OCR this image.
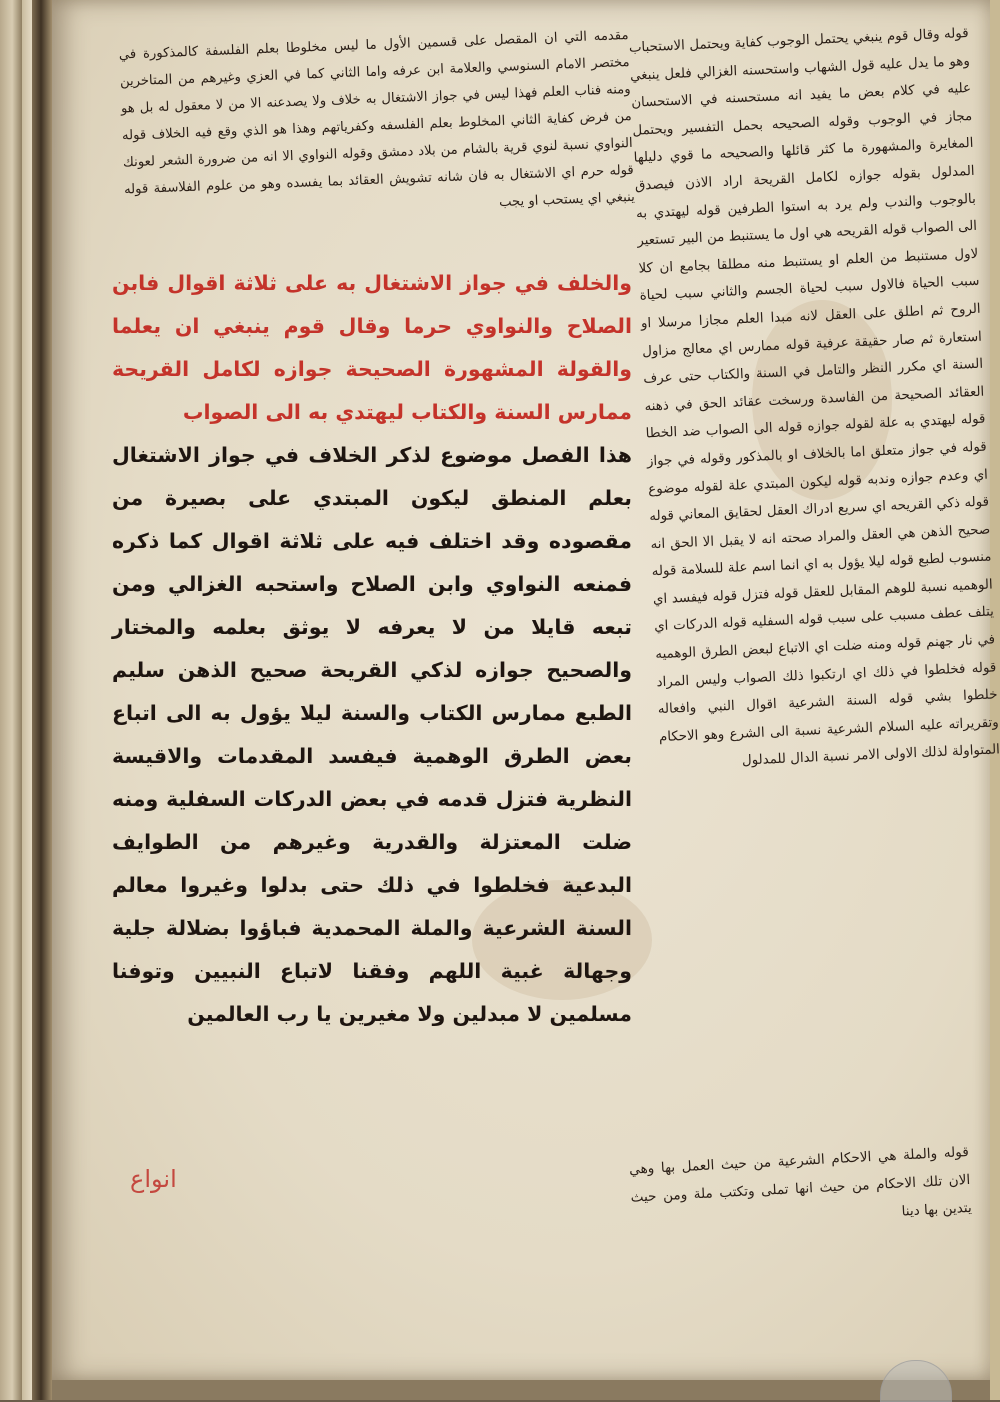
مقدمه التي ان المقصل على قسمين الأول ما ليس مخلوطا بعلم الفلسفة كالمذكورة في مختصر الامام السنوسي والعلامة ابن عرفه واما الثاني كما في العزي وغيرهم من المتاخرين ومنه فناب العلم فهذا ليس في جواز الاشتغال به خلاف ولا يصدعنه الا من لا معقول له بل هو من فرض كفاية الثاني المخلوط بعلم الفلسفه وكفرياتهم وهذا هو الذي وقع فيه الخلاف قوله النواوي نسبة لنوي قرية بالشام من بلاد دمشق وقوله النواوي الا انه من ضرورة الشعر لعونك قوله حرم اي الاشتغال به فان شانه تشويش العقائد بما يفسده وهو من علوم الفلاسفة قوله ينبغي اي يستحب او يجب

قوله وقال قوم ينبغي يحتمل الوجوب كفاية ويحتمل الاستحباب وهو ما يدل عليه قول الشهاب واستحسنه الغزالي فلعل ينبغي عليه في كلام بعض ما يفيد انه مستحسنه في الاستحسان مجاز في الوجوب وقوله الصحيحه بحمل التفسير ويحتمل المغايرة والمشهورة ما كثر قائلها والصحيحه ما قوي دليلها المدلول بقوله جوازه لكامل القريحة اراد الاذن فيصدق بالوجوب والندب ولم يرد به استوا الطرفين قوله ليهتدي به الى الصواب قوله القريحه هي اول ما يستنبط من البير تستعير لاول مستنبط من العلم او يستنبط منه مطلقا بجامع ان كلا سبب الحياة فالاول سبب لحياة الجسم والثاني سبب لحياة الروح ثم اطلق على العقل لانه مبدا العلم مجازا مرسلا او استعارة ثم صار حقيقة عرفية قوله ممارس اي معالج مزاول السنة اي مكرر النظر والتامل في السنة والكتاب حتى عرف العقائد الصحيحة من الفاسدة ورسخت عقائد الحق في ذهنه قوله ليهتدي به علة لقوله جوازه قوله الى الصواب ضد الخطا قوله في جواز متعلق اما بالخلاف او بالمذكور وقوله في جواز اي وعدم جوازه وندبه قوله ليكون المبتدي علة لقوله موضوع قوله ذكي القريحه اي سريع ادراك العقل لحقايق المعاني قوله صحيح الذهن هي العقل والمراد صحته انه لا يقبل الا الحق انه منسوب لطبع قوله ليلا يؤول به اي انما اسم علة للسلامة قوله الوهميه نسبة للوهم المقابل للعقل قوله فتزل قوله فيفسد اي يتلف عطف مسبب على سبب قوله السفليه قوله الدركات اي في نار جهنم قوله ومنه ضلت اي الاتباع لبعض الطرق الوهميه قوله فخلطوا في ذلك اي ارتكبوا ذلك الصواب وليس المراد خلطوا بشي قوله السنة الشرعية اقوال النبي وافعاله وتقريراته عليه السلام الشرعية نسبة الى الشرع وهو الاحكام المتواولة لذلك الاولى الامر نسبة الدال للمدلول

والخلف في جواز الاشتغال به على ثلاثة اقوال فابن الصلاح والنواوي حرما وقال قوم ينبغي ان يعلما والقولة المشهورة الصحيحة جوازه لكامل القريحة ممارس السنة والكتاب ليهتدي به الى الصواب

هذا الفصل موضوع لذكر الخلاف في جواز الاشتغال بعلم المنطق ليكون المبتدي على بصيرة من مقصوده وقد اختلف فيه على ثلاثة اقوال كما ذكره فمنعه النواوي وابن الصلاح واستحبه الغزالي ومن تبعه قايلا من لا يعرفه لا يوثق بعلمه والمختار والصحيح جوازه لذكي القريحة صحيح الذهن سليم الطبع ممارس الكتاب والسنة ليلا يؤول به الى اتباع بعض الطرق الوهمية فيفسد المقدمات والاقيسة النظرية فتزل قدمه في بعض الدركات السفلية ومنه ضلت المعتزلة والقدرية وغيرهم من الطوايف البدعية فخلطوا في ذلك حتى بدلوا وغيروا معالم السنة الشرعية والملة المحمدية فباؤوا بضلالة جلية وجهالة غبية اللهم وفقنا لاتباع النبيين وتوفنا مسلمين لا مبدلين ولا مغيرين يا رب العالمين

قوله والملة هي الاحكام الشرعية من حيث العمل بها وهي الان تلك الاحكام من حيث انها تملى وتكتب ملة ومن حيث يتدين بها دينا

انواع
